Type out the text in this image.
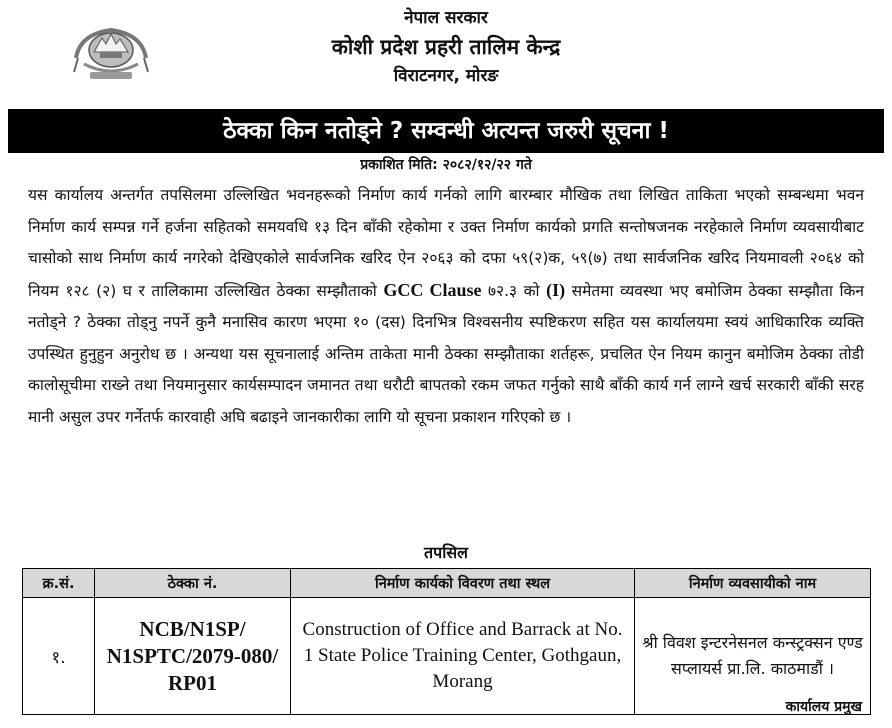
नेपाल सरकार
कोशी प्रदेश प्रहरी तालिम केन्द्र
विराटनगर, मोरङ
ठेक्का किन नतोड्ने ? सम्वन्धी अत्यन्त जरुरी सूचना !
प्रकाशित मिति: २०८२/१२/२२ गते
यस कार्यालय अन्तर्गत तपसिलमा उल्लिखित भवनहरूको निर्माण कार्य गर्नको लागि बारम्बार मौखिक तथा लिखित ताकिता भएको सम्बन्धमा भवन निर्माण कार्य सम्पन्न गर्ने हर्जना सहितको समयवधि १३ दिन बाँकी रहेकोमा र उक्त निर्माण कार्यको प्रगति सन्तोषजनक नरहेकाले निर्माण व्यवसायीबाट चासोको साथ निर्माण कार्य नगरेको देखिएकोले सार्वजनिक खरिद ऐन २०६३ को दफा ५९(२)क, ५९(७) तथा सार्वजनिक खरिद नियमावली २०६४ को नियम १२८ (२) घ र तालिकामा उल्लिखित ठेक्का सम्झौताको GCC Clause ७२.३ को (I) समेतमा व्यवस्था भए बमोजिम ठेक्का सम्झौता किन नतोड्ने ? ठेक्का तोड्नु नपर्ने कुनै मनासिव कारण भएमा १० (दस) दिनभित्र विश्वसनीय स्पष्टिकरण सहित यस कार्यालयमा स्वयं आधिकारिक व्यक्ति उपस्थित हुनुहुन अनुरोध छ । अन्यथा यस सूचनालाई अन्तिम ताकेता मानी ठेक्का सम्झौताका शर्तहरू, प्रचलित ऐन नियम कानुन बमोजिम ठेक्का तोडी कालोसूचीमा राख्ने तथा नियमानुसार कार्यसम्पादन जमानत तथा धरौटी बापतको रकम जफत गर्नुको साथै बाँकी कार्य गर्न लाग्ने खर्च सरकारी बाँकी सरह मानी असुल उपर गर्नेतर्फ कारवाही अघि बढाइने जानकारीका लागि यो सूचना प्रकाशन गरिएको छ ।
तपसिल
क्र.सं.	ठेक्का नं.	निर्माण कार्यको विवरण तथा स्थल	निर्माण व्यवसायीको नाम
१.	NCB/N1SP/ N1SPTC/2079-080/ RP01	Construction of Office and Barrack at No. 1 State Police Training Center, Gothgaun, Morang	श्री विवश इन्टरनेसनल कन्स्ट्रक्सन एण्ड सप्लायर्स प्रा.लि. काठमाडौं ।
कार्यालय प्रमुख
